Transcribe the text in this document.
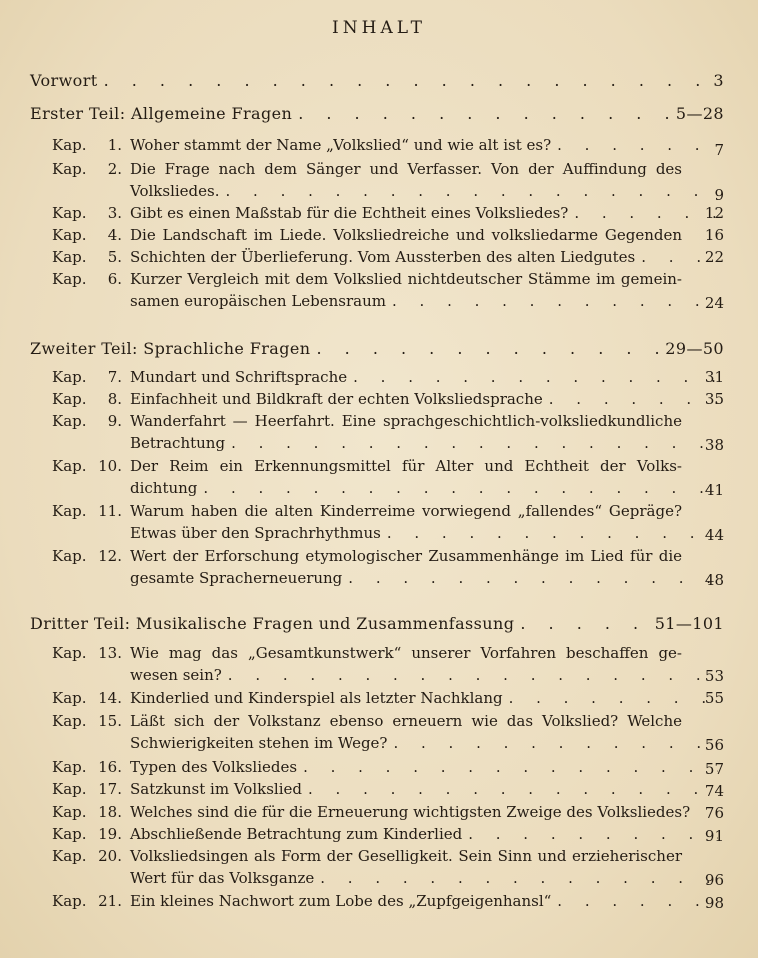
INHALT
Vorwort . . .	3
Erster Teil: Allgemeine Fragen . . .	5—28
Kap.	1. Woher stammt der Name „Volkslied“ und wie alt ist es? . . .	7
Kap.	2. Die Frage nach dem Sänger und Verfasser. Von der Auffindung des
Volksliedes. . . .	9
Kap.	3. Gibt es einen Maßstab für die Echtheit eines Volksliedes? . . .	12
Kap.	4. Die Landschaft im Liede. Volksliedreiche und volksliedarme Gegenden 16
Kap.	5. Schichten der Überlieferung. Vom Aussterben des alten Liedgutes . . .	22
Kap.	6. Kurzer Vergleich mit dem Volkslied nichtdeutscher Stämme im gemein-
samen europäischen Lebensraum . . .	24
Zweiter Teil: Sprachliche Fragen . . .	29—50
Kap.	7. Mundart und Schriftsprache . . .	31
Kap.	8. Einfachheit und Bildkraft der echten Volksliedsprache . . .	35
Kap.	9. Wanderfahrt — Heerfahrt. Eine sprachgeschichtlich-volksliedkundliche
Betrachtung . . .	38
Kap. 10. Der Reim ein Erkennungsmittel für Alter und Echtheit der Volks-
dichtung . . .	41
Kap. 11. Warum haben die alten Kinderreime vorwiegend „fallendes“ Gepräge?
Etwas über den Sprachrhythmus . . .	44
Kap. 12. Wert der Erforschung etymologischer Zusammenhänge im Lied für die
gesamte Spracherneuerung . . .	48
Dritter Teil: Musikalische Fragen und Zusammenfassung . . .	51—101
Kap. 13. Wie mag das „Gesamtkunstwerk“ unserer Vorfahren beschaffen ge-
wesen sein? . . .	53
Kap. 14. Kinderlied und Kinderspiel als letzter Nachklang . . .	55
Kap. 15. Läßt sich der Volkstanz ebenso erneuern wie das Volkslied? Welche
Schwierigkeiten stehen im Wege? . . .	56
Kap. 16. Typen des Volksliedes . . .	57
Kap. 17. Satzkunst im Volkslied . . .	74
Kap. 18. Welches sind die für die Erneuerung wichtigsten Zweige des Volksliedes? 76
Kap. 19. Abschließende Betrachtung zum Kinderlied . . .	91
Kap. 20. Volksliedsingen als Form der Geselligkeit. Sein Sinn und erzieherischer
Wert für das Volksganze . . .	96
Kap. 21. Ein kleines Nachwort zum Lobe des „Zupfgeigenhansl“ . . .	98
